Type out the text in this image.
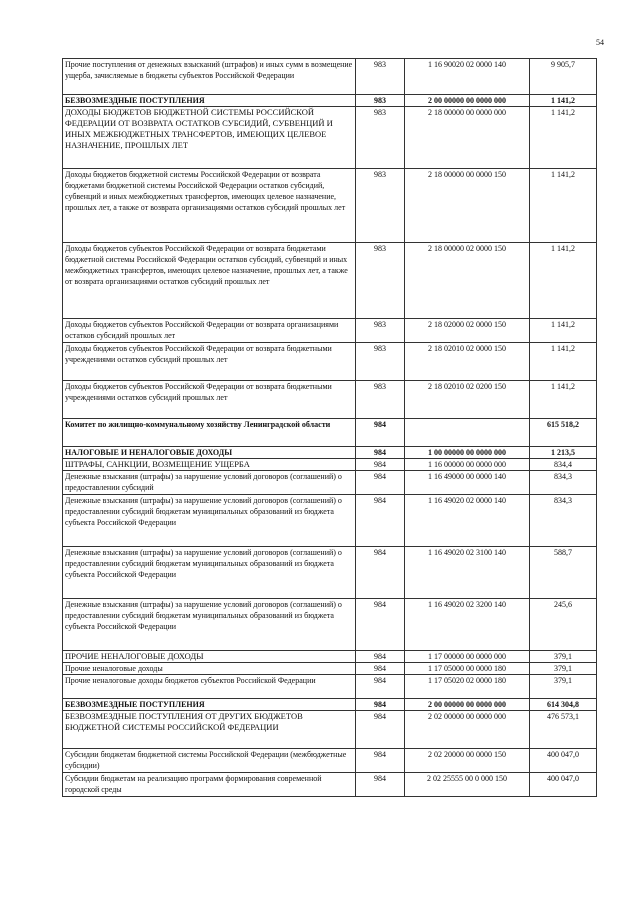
54
Прочие поступления от денежных взысканий (штрафов) и иных сумм в возмещение ущерба, зачисляемые в бюджеты субъектов Российской Федерации	983	1 16 90020 02 0000 140	9 905,7
БЕЗВОЗМЕЗДНЫЕ ПОСТУПЛЕНИЯ	983	2 00 00000 00 0000 000	1 141,2
ДОХОДЫ БЮДЖЕТОВ БЮДЖЕТНОЙ СИСТЕМЫ РОССИЙСКОЙ ФЕДЕРАЦИИ ОТ ВОЗВРАТА ОСТАТКОВ СУБСИДИЙ, СУБВЕНЦИЙ И ИНЫХ МЕЖБЮДЖЕТНЫХ ТРАНСФЕРТОВ, ИМЕЮЩИХ ЦЕЛЕВОЕ НАЗНАЧЕНИЕ, ПРОШЛЫХ ЛЕТ	983	2 18 00000 00 0000 000	1 141,2
Доходы бюджетов бюджетной системы Российской Федерации от возврата бюджетами бюджетной системы Российской Федерации остатков субсидий, субвенций и иных межбюджетных трансфертов, имеющих целевое назначение, прошлых лет, а также от возврата организациями остатков субсидий прошлых лет	983	2 18 00000 00 0000 150	1 141,2
Доходы бюджетов субъектов Российской Федерации от возврата бюджетами бюджетной системы Российской Федерации остатков субсидий, субвенций и иных межбюджетных трансфертов, имеющих целевое назначение, прошлых лет, а также от возврата организациями остатков субсидий прошлых лет	983	2 18 00000 02 0000 150	1 141,2
Доходы бюджетов субъектов Российской Федерации от возврата организациями остатков субсидий прошлых лет	983	2 18 02000 02 0000 150	1 141,2
Доходы бюджетов субъектов Российской Федерации от возврата бюджетными учреждениями остатков субсидий прошлых лет	983	2 18 02010 02 0000 150	1 141,2
Доходы бюджетов субъектов Российской Федерации от возврата бюджетными учреждениями остатков субсидий прошлых лет	983	2 18 02010 02 0200 150	1 141,2
Комитет по жилищно-коммунальному хозяйству Ленинградской области	984		615 518,2
НАЛОГОВЫЕ И НЕНАЛОГОВЫЕ ДОХОДЫ	984	1 00 00000 00 0000 000	1 213,5
ШТРАФЫ, САНКЦИИ, ВОЗМЕЩЕНИЕ УЩЕРБА	984	1 16 00000 00 0000 000	834,4
Денежные взыскания (штрафы) за нарушение условий договоров (соглашений) о предоставлении субсидий	984	1 16 49000 00 0000 140	834,3
Денежные взыскания (штрафы) за нарушение условий договоров (соглашений) о предоставлении субсидий бюджетам муниципальных образований из бюджета субъекта Российской Федерации	984	1 16 49020 02 0000 140	834,3
Денежные взыскания (штрафы) за нарушение условий договоров (соглашений) о предоставлении субсидий бюджетам муниципальных образований из бюджета субъекта Российской Федерации	984	1 16 49020 02 3100 140	588,7
Денежные взыскания (штрафы) за нарушение условий договоров (соглашений) о предоставлении субсидий бюджетам муниципальных образований из бюджета субъекта Российской Федерации	984	1 16 49020 02 3200 140	245,6
ПРОЧИЕ НЕНАЛОГОВЫЕ ДОХОДЫ	984	1 17 00000 00 0000 000	379,1
Прочие неналоговые доходы	984	1 17 05000 00 0000 180	379,1
Прочие неналоговые доходы бюджетов субъектов Российской Федерации	984	1 17 05020 02 0000 180	379,1
БЕЗВОЗМЕЗДНЫЕ ПОСТУПЛЕНИЯ	984	2 00 00000 00 0000 000	614 304,8
БЕЗВОЗМЕЗДНЫЕ ПОСТУПЛЕНИЯ ОТ ДРУГИХ БЮДЖЕТОВ БЮДЖЕТНОЙ СИСТЕМЫ РОССИЙСКОЙ ФЕДЕРАЦИИ	984	2 02 00000 00 0000 000	476 573,1
Субсидии бюджетам бюджетной системы Российской Федерации (межбюджетные субсидии)	984	2 02 20000 00 0000 150	400 047,0
Субсидии бюджетам на реализацию программ формирования современной городской среды	984	2 02 25555 00 0 000 150	400 047,0
